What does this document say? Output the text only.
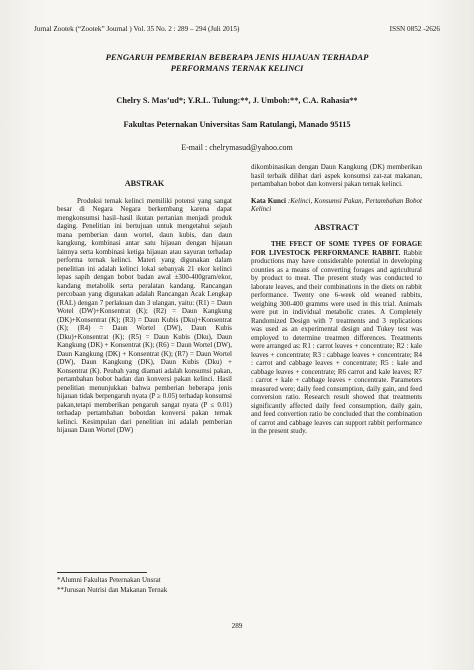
Jurnal Zootek (“Zootek” Journal ) Vol. 35 No. 2 : 289 – 294 (Juli 2015)	ISSN 0852 -2626
PENGARUH PEMBERIAN BEBERAPA JENIS HIJAUAN TERHADAP
PERFORMANS TERNAK KELINCI
Chelry S. Mas’ud*; Y.R.L. Tulung:**, J. Umboh:**, C.A. Rahasia**
Fakultas Peternakan Universitas Sam Ratulangi, Manado 95115
E-mail : chelrymasud@yahoo.com
ABSTRAK

Produksi ternak kelinci memiliki potensi yang sangat besar di Negara Negara berkembang karena dapat mengkonsumsi hasil–hasil ikutan pertanian menjadi produk daging. Penelitian ini bertujuan untuk mengetahui sejauh mana pemberian daun wortel, daun kubis, dan daun kangkung, kombinasi antar satu hijauan dengan hijauan lainnya serta kombinasi ketiga hijauan atau sayuran terhadap performa ternak kelinci. Materi yang digunakan dalam penelitian ini adalah kelinci lokal sebanyak 21 ekor kelinci lepas sapih dengan bobot badan awal ±300-400gram/ekor, kandang metabolik serta peralatan kandang. Rancangan percobaan yang digunakan adalah Rancangan Acak Lengkap (RAL) dengan 7 perlakuan dan 3 ulangan, yaitu: (R1) = Daun Wotel (DW)+Konsentrat (K); (R2) = Daun Kangkung (DK)+Konsentrat (K); (R3) = Daun Kubis (Dku)+Konsentrat (K); (R4) = Daun Wortel (DW), Daun Kubis (Dku)+Konsentrat (K); (R5) = Daun Kubis (Dku), Daun Kangkung (DK) + Konsentrat (K); (R6) = Daun Wortel (DW), Daun Kangkung (DK) + Konsentrat (K); (R7) = Daun Wortel (DW), Daun Kangkung (DK), Daun Kubis (Dku) + Konsentrat (K). Peubah yang diamati adalah konsumsi pakan, pertambahan bobot badan dan konversi pakan kelinci. Hasil penelitian menunjukkan bahwa pemberian beberapa jenis hijauan tidak berpengaruh nyata (P ≥ 0.05) terhadap konsumsi pakan,tetapi memberikan pengaruh sangat nyata (P ≤ 0.01) terhadap pertambahan bobotdan konversi pakan ternak kelinci. Kesimpulan dari penelitian ini adalah pemberian hijauan Daun Wortel (DW)

dikombinasikan dengan Daun Kangkung (DK) memberikan hasil terbaik dilihat dari aspek konsumsi zat-zat makanan, pertambahan bobot dan konversi pakan ternak kelinci.

Kata Kunci :Kelinci, Konsumsi Pakan, Pertambahan Bobot Kelinci
ABSTRACT

THE FFECT OF SOME TYPES OF FORAGE FOR LIVESTOCK PERFORMANCE RABBIT. Rabbit productions may have considerable potential in developing counties as a means of converting forages and agricultural by product to meat. The present study was conducted to laborate leaves, and their combinations in the diets on rabbit performance. Twenty one 6-week old weaned rabbits, weighing 300-400 gramms were used in this trial. Animals were put in individual metabolic crates. A Completely Randomized Design with 7 treatments and 3 replications was used as an experimental design and Tukey test was employed to determine treatmen differences. Treatments were arranged as: R1 : carrot leaves + concentrate; R2 : kale leaves + concentrate; R3 : cabbage leaves + concentrate; R4 : carrot and cabbage leaves + concentrate; R5 : kale and cabbage leaves + concentrate; R6 carrot and kale leaves; R7 : carrot + kale + cabbage leaves + concentrate. Parameters measured were; daily feed consumption, daily gain, and feed conversion ratio. Research result showed that treatments significantly affected daily feed consumption, daily gain, and feed convertion ratio be concluded that the combination of carrot and cabbage leaves can support rabbit performance in the present study.

*Alumni Fakultas Peternakan Unsrat
**Jurusan Nutrisi dan Makanan Ternak
289
